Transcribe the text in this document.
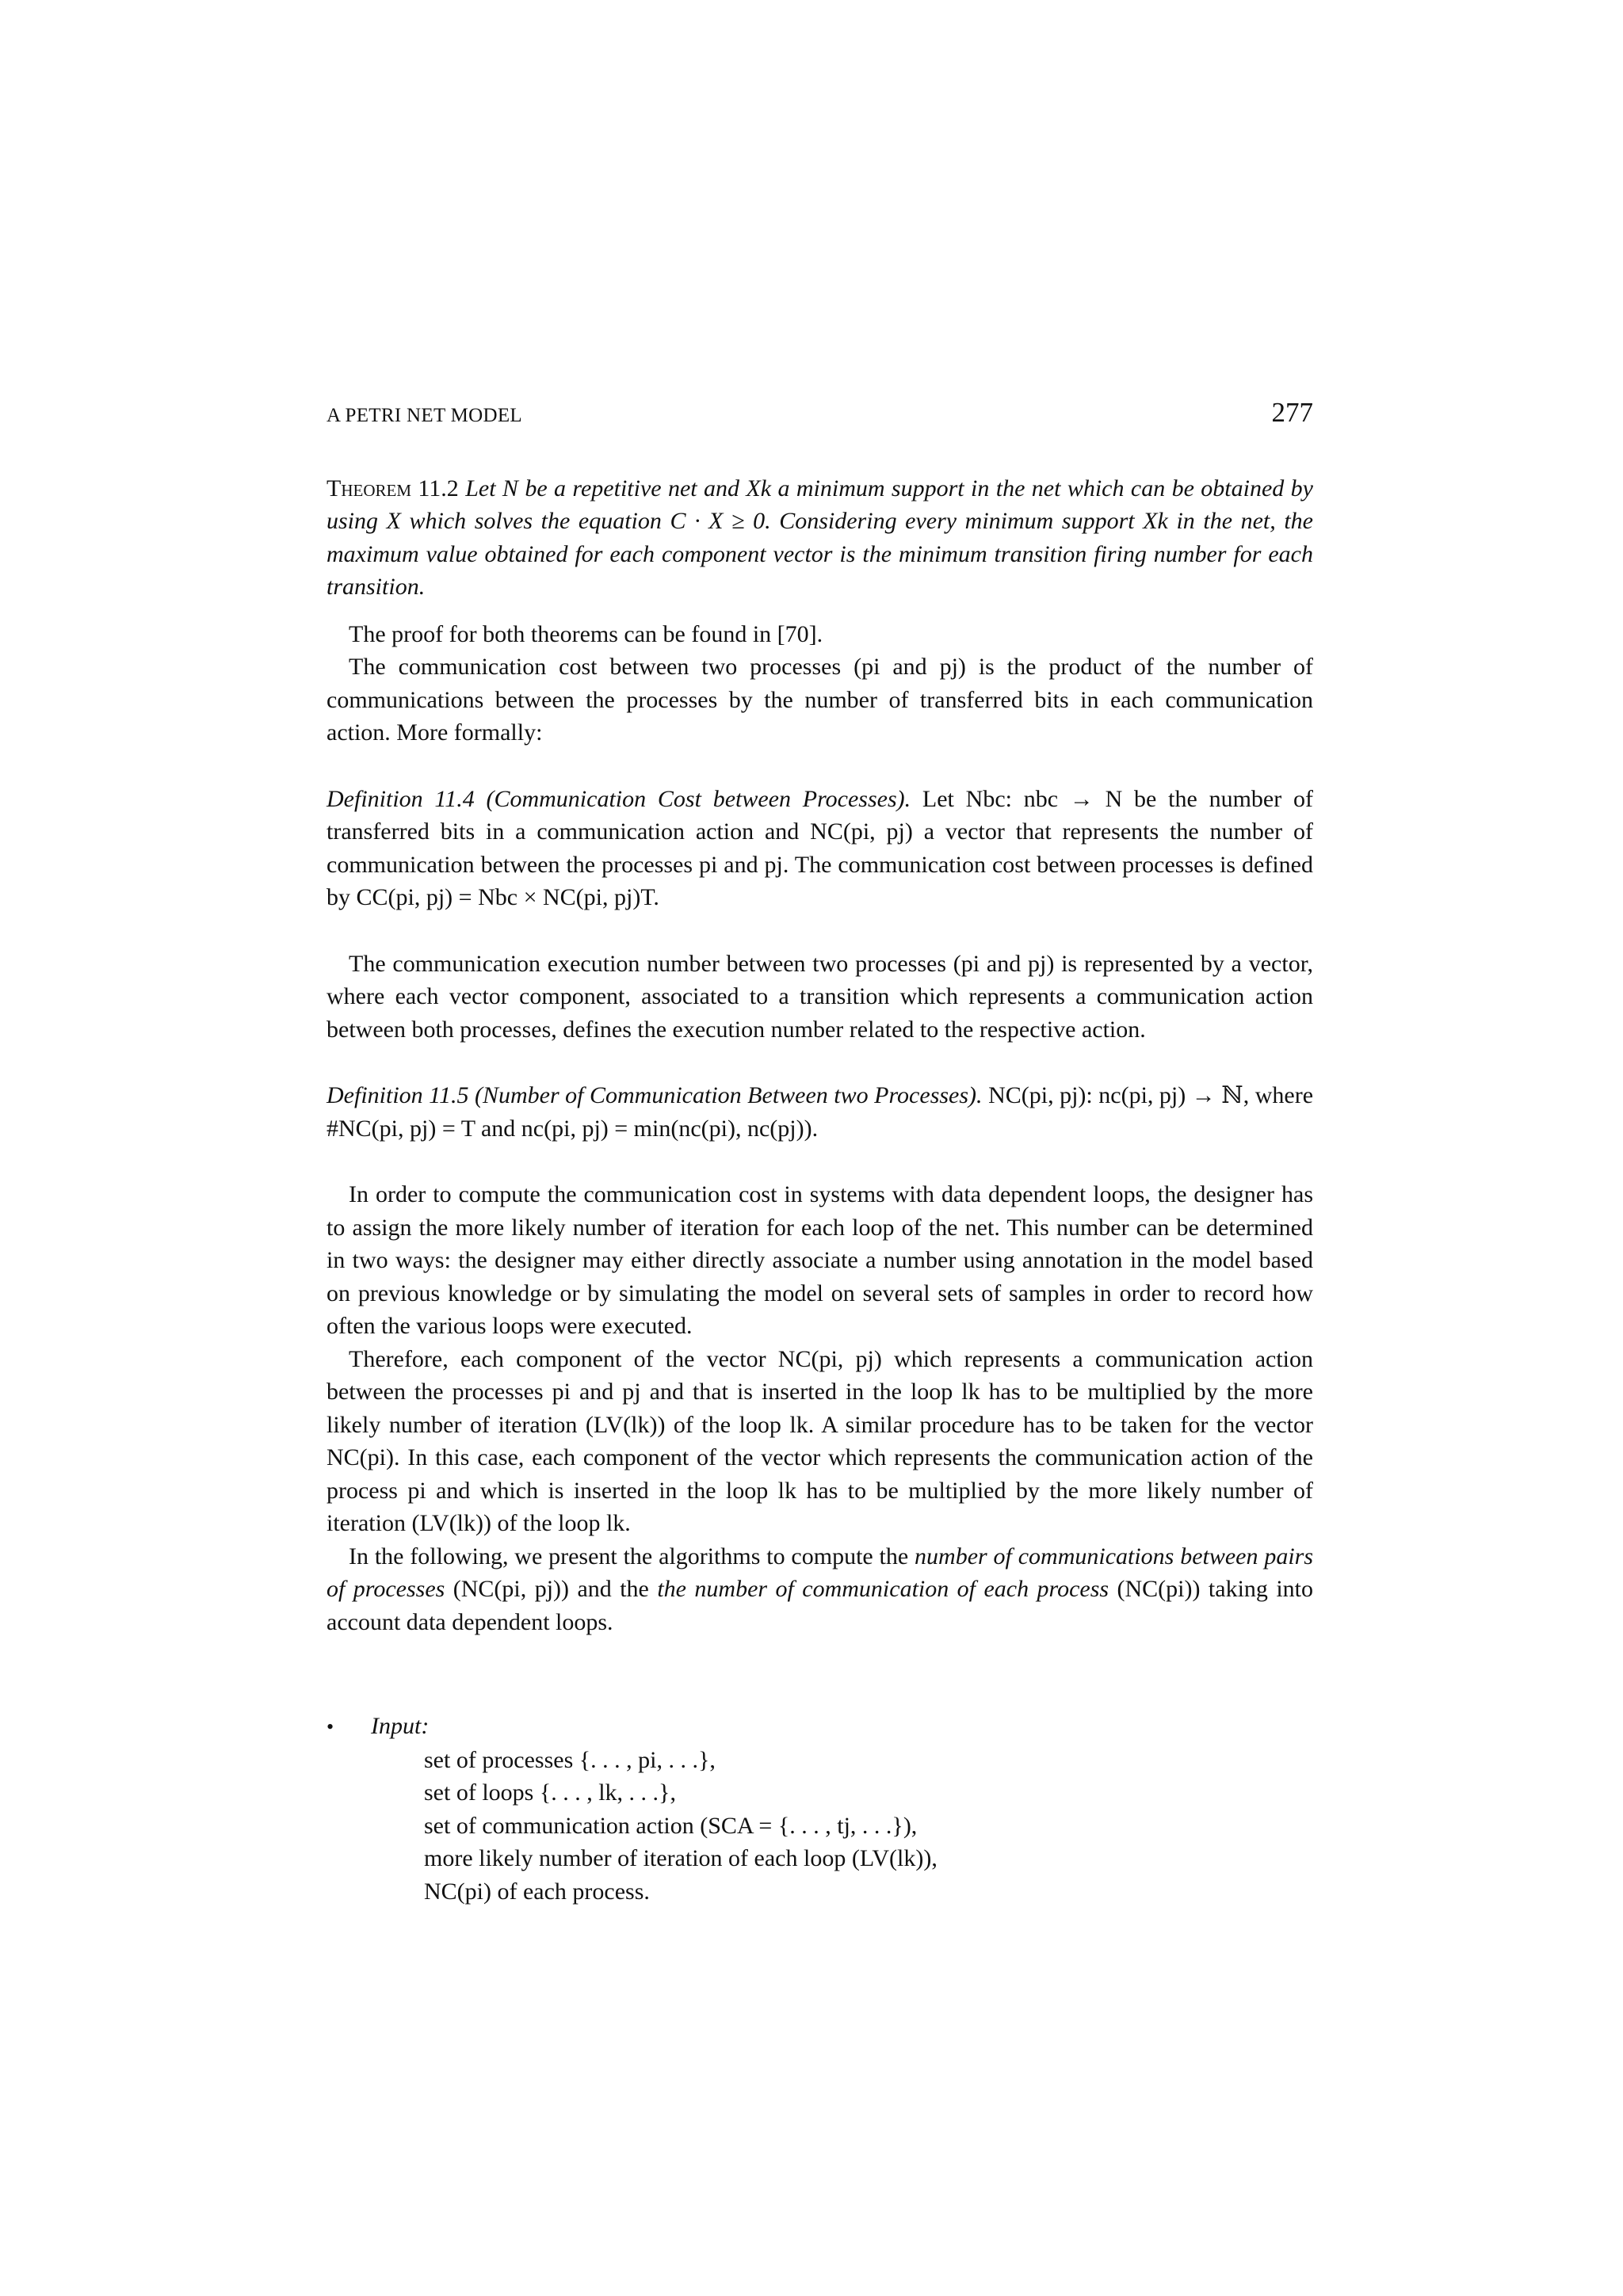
A PETRI NET MODEL	277

Theorem 11.2 Let N be a repetitive net and Xk a minimum support in the net which can be obtained by using X which solves the equation C · X ≥ 0. Considering every minimum support Xk in the net, the maximum value obtained for each component vector is the minimum transition firing number for each transition.

The proof for both theorems can be found in [70].

The communication cost between two processes (pi and pj) is the product of the number of communications between the processes by the number of transferred bits in each communication action. More formally:

Definition 11.4 (Communication Cost between Processes). Let Nbc: nbc → N be the number of transferred bits in a communication action and NC(pi, pj) a vector that represents the number of communication between the processes pi and pj. The communication cost between processes is defined by CC(pi, pj) = Nbc × NC(pi, pj)T.

The communication execution number between two processes (pi and pj) is represented by a vector, where each vector component, associated to a transition which represents a communication action between both processes, defines the execution number related to the respective action.

Definition 11.5 (Number of Communication Between two Processes). NC(pi, pj): nc(pi, pj) → ℕ, where #NC(pi, pj) = T and nc(pi, pj) = min(nc(pi), nc(pj)).

In order to compute the communication cost in systems with data dependent loops, the designer has to assign the more likely number of iteration for each loop of the net. This number can be determined in two ways: the designer may either directly associate a number using annotation in the model based on previous knowledge or by simulating the model on several sets of samples in order to record how often the various loops were executed.

Therefore, each component of the vector NC(pi, pj) which represents a communication action between the processes pi and pj and that is inserted in the loop lk has to be multiplied by the more likely number of iteration (LV(lk)) of the loop lk. A similar procedure has to be taken for the vector NC(pi). In this case, each component of the vector which represents the communication action of the process pi and which is inserted in the loop lk has to be multiplied by the more likely number of iteration (LV(lk)) of the loop lk.

In the following, we present the algorithms to compute the number of communications between pairs of processes (NC(pi, pj)) and the the number of communication of each process (NC(pi)) taking into account data dependent loops.

•	Input:
set of processes {. . . , pi, . . .},
set of loops {. . . , lk, . . .},
set of communication action (SCA = {. . . , tj, . . .}),
more likely number of iteration of each loop (LV(lk)),
NC(pi) of each process.
